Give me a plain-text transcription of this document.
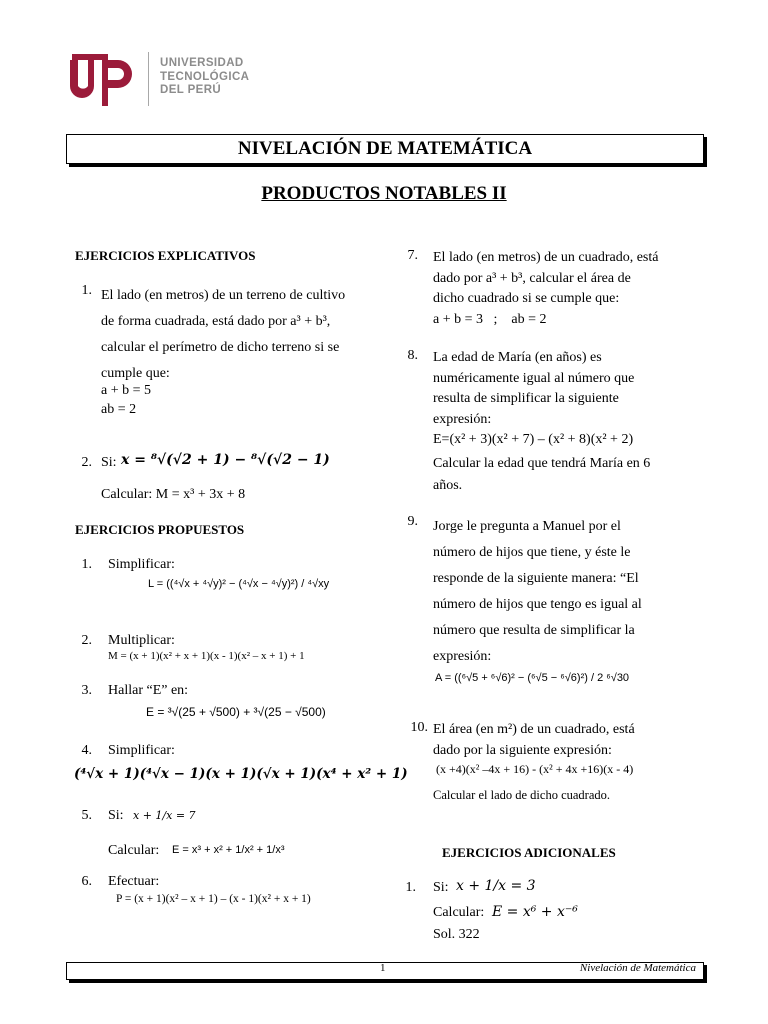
UNIVERSIDAD
TECNOLÓGICA
DEL PERÚ
NIVELACIÓN DE MATEMÁTICA
PRODUCTOS NOTABLES II
EJERCICIOS EXPLICATIVOS
1. El lado (en metros) de un terreno de cultivo
de forma cuadrada, está dado por a³ + b³,
calcular el perímetro de dicho terreno si se
cumple que:
a + b = 5
ab = 2
2. Si: x = ⁸√(√2 + 1) − ⁸√(√2 − 1)
Calcular: M = x³ + 3x + 8
EJERCICIOS PROPUESTOS
1. Simplificar:
L = ((⁴√x + ⁴√y)² − (⁴√x − ⁴√y)²) / ⁴√xy
2. Multiplicar:
M = (x + 1)(x² + x + 1)(x - 1)(x² – x + 1) + 1
3. Hallar “E” en:
E = ³√(25 + √500) + ³√(25 − √500)
4. Simplificar:
(⁴√x + 1)(⁴√x − 1)(x + 1)(√x + 1)(x⁴ + x² + 1)
5. Si: x + 1/x = 7
Calcular: E = x³ + x² + 1/x² + 1/x³
6. Efectuar:
P = (x + 1)(x² – x + 1) – (x - 1)(x² + x + 1)
7. El lado (en metros) de un cuadrado, está
dado por a³ + b³, calcular el área de
dicho cuadrado si se cumple que:
a + b = 3   ;    ab = 2
8. La edad de María (en años) es
numéricamente igual al número que
resulta de simplificar la siguiente
expresión:
E=(x² + 3)(x² + 7) – (x² + 8)(x² + 2)
Calcular la edad que tendrá María en 6
años.
9. Jorge le pregunta a Manuel por el
número de hijos que tiene, y éste le
responde de la siguiente manera: “El
número de hijos que tengo es igual al
número que resulta de simplificar la
expresión:
A = ((⁶√5 + ⁶√6)² − (⁶√5 − ⁶√6)²) / 2 ⁶√30
10. El área (en m²) de un cuadrado, está
dado por la siguiente expresión:
(x +4)(x² –4x + 16) - (x² + 4x +16)(x - 4)
Calcular el lado de dicho cuadrado.
EJERCICIOS ADICIONALES
1. Si: x + 1/x = 3
Calcular: E = x⁶ + x⁻⁶
Sol. 322
1	Nivelación de Matemática
